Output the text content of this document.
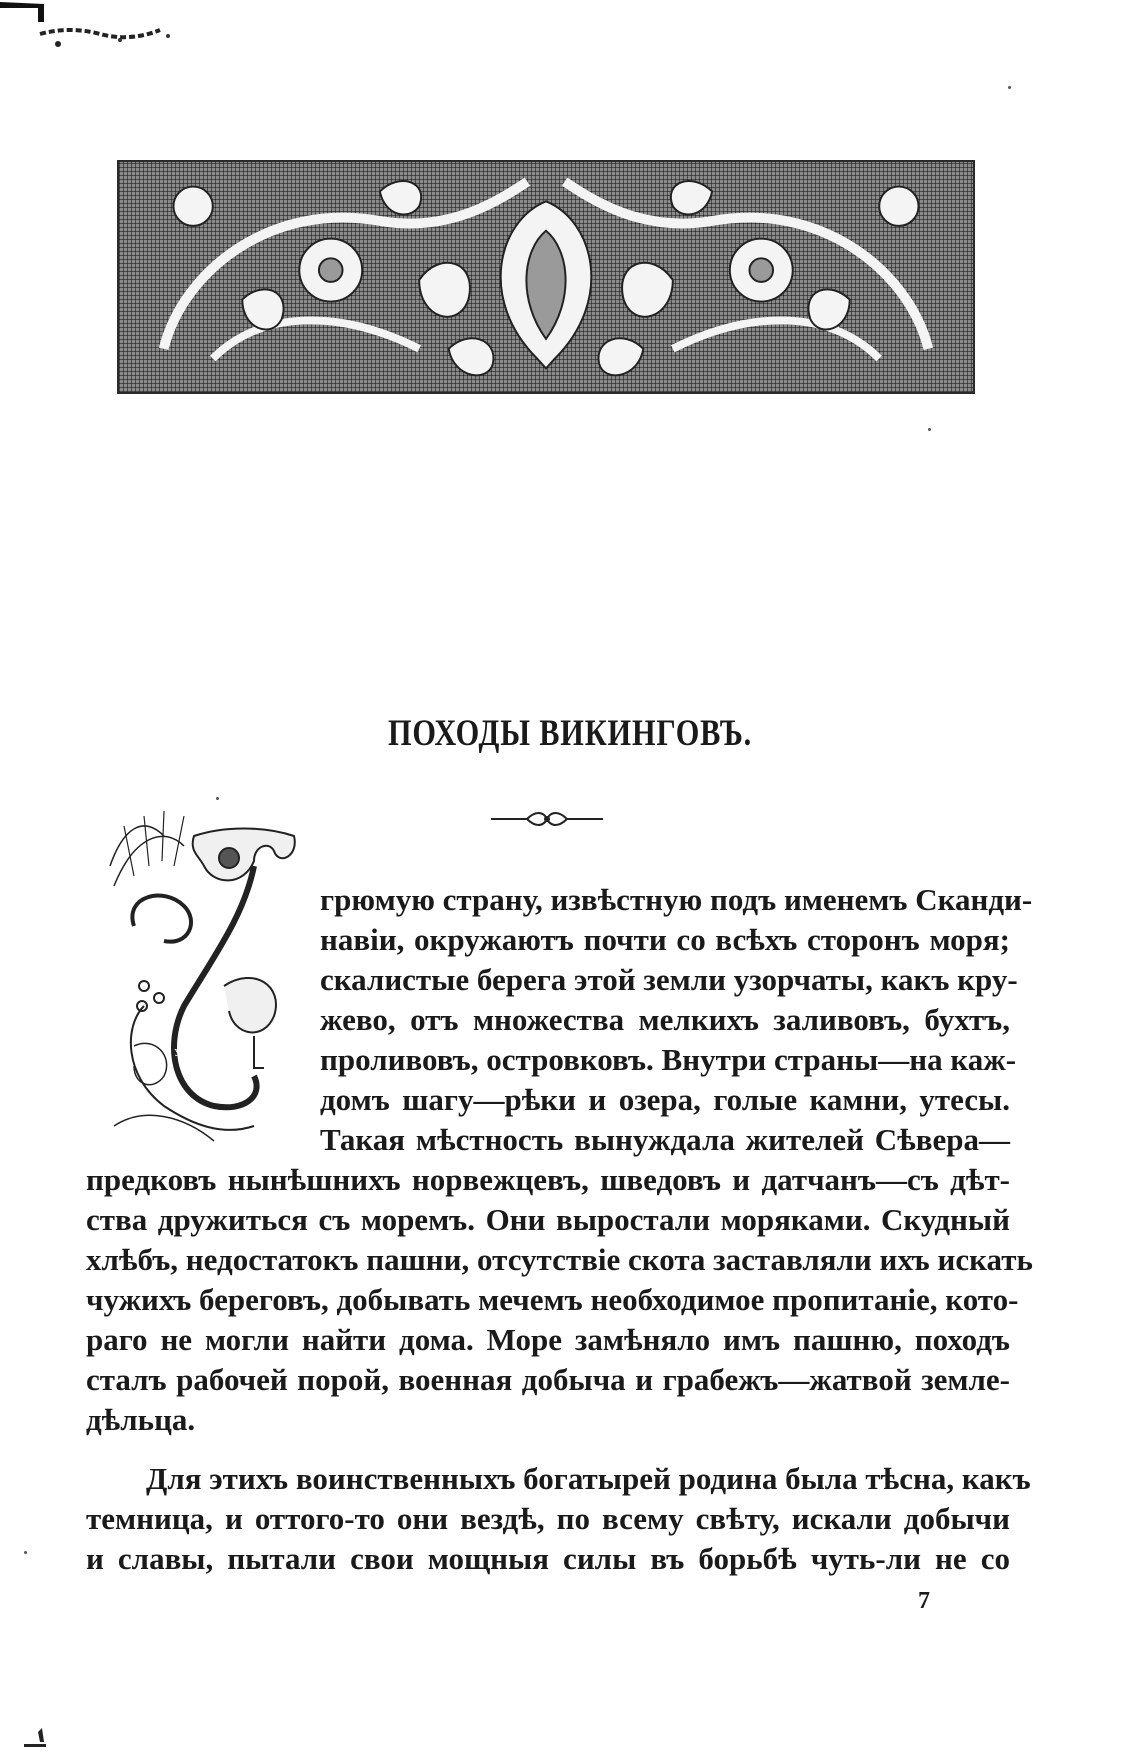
ПОХОДЫ ВИКИНГОВЪ.
У
грюмую страну, извѣстную подъ именемъ Сканди-
навіи, окружаютъ почти со всѣхъ сторонъ моря;
скалистые берега этой земли узорчаты, какъ кру-
жево, отъ множества мелкихъ заливовъ, бухтъ,
проливовъ, островковъ. Внутри страны—на каж-
домъ шагу—рѣки и озера, голые камни, утесы.
Такая мѣстность вынуждала жителей Сѣвера—
предковъ нынѣшнихъ норвежцевъ, шведовъ и датчанъ—съ дѣт-
ства дружиться съ моремъ. Они выростали моряками. Скудный
хлѣбъ, недостатокъ пашни, отсутствіе скота заставляли ихъ искать
чужихъ береговъ, добывать мечемъ необходимое пропитаніе, кото-
раго не могли найти дома. Море замѣняло имъ пашню, походъ
сталъ рабочей порой, военная добыча и грабежъ—жатвой земле-
дѣльца.
Для этихъ воинственныхъ богатырей родина была тѣсна, какъ
темница, и оттого-то они вездѣ, по всему свѣту, искали добычи
и славы, пытали свои мощныя силы въ борьбѣ чуть-ли не со
7
